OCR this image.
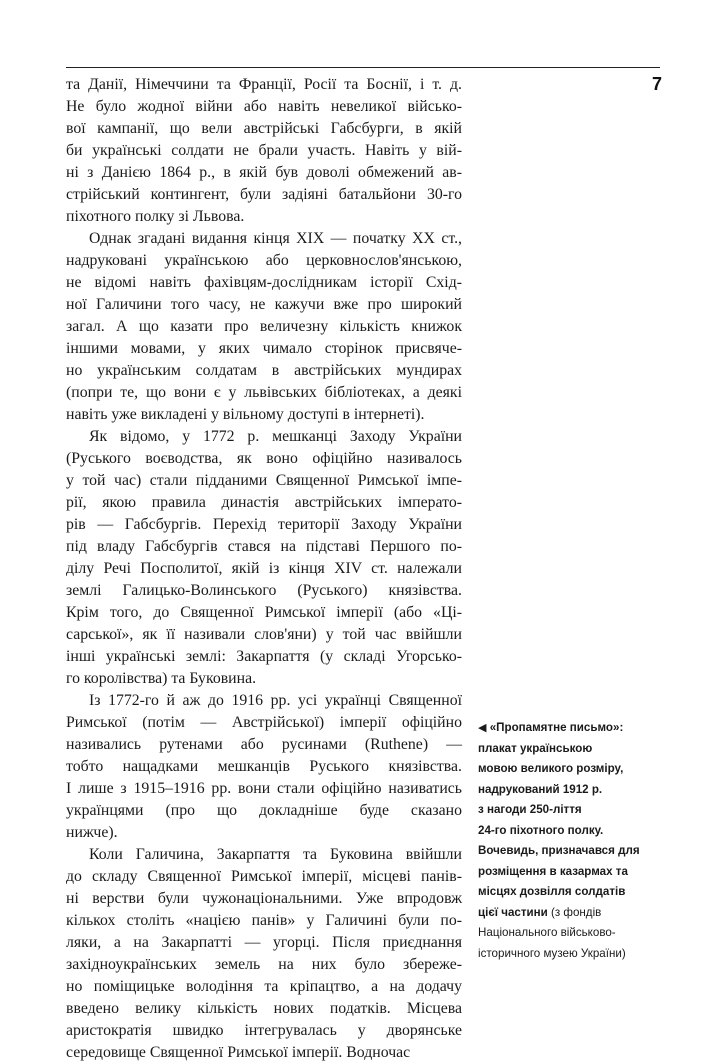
7

та Данії, Німеччини та Франції, Росії та Боснії, і т. д.

Не було жодної війни або навіть невеликої військо-

вої кампанії, що вели австрійські Габсбурги, в якій

би українські солдати не брали участь. Навіть у вій-

ні з Данією 1864 р., в якій був доволі обмежений ав-

стрійський контингент, були задіяні батальйони 30-го

піхотного полку зі Львова.

Однак згадані видання кінця XIX — початку XX ст.,

надруковані українською або церковнослов'янською,

не відомі навіть фахівцям-дослідникам історії Схід-

ної Галичини того часу, не кажучи вже про широкий

загал. А що казати про величезну кількість книжок

іншими мовами, у яких чимало сторінок присвяче-

но українським солдатам в австрійських мундирах

(попри те, що вони є у львівських бібліотеках, а деякі

навіть уже викладені у вільному доступі в інтернеті).

Як відомо, у 1772 р. мешканці Заходу України

(Руського воєводства, як воно офіційно називалось

у той час) стали підданими Священної Римської імпе-

рії, якою правила династія австрійських імперато-

рів — Габсбургів. Перехід території Заходу України

під владу Габсбургів стався на підставі Першого по-

ділу Речі Посполитої, якій із кінця XIV ст. належали

землі Галицько-Волинського (Руського) князівства.

Крім того, до Священної Римської імперії (або «Ці-

сарської», як її називали слов'яни) у той час ввійшли

інші українські землі: Закарпаття (у складі Угорсько-

го королівства) та Буковина.

Із 1772-го й аж до 1916 рр. усі українці Священної

Римської (потім — Австрійської) імперії офіційно

називались рутенами або русинами (Ruthene) —

тобто нащадками мешканців Руського князівства.

І лише з 1915–1916 рр. вони стали офіційно називатись

українцями (про що докладніше буде сказано

нижче).

Коли Галичина, Закарпаття та Буковина ввійшли

до складу Священної Римської імперії, місцеві панів-

ні верстви були чужонаціональними. Уже впродовж

кількох століть «нацією панів» у Галичині були по-

ляки, а на Закарпатті — угорці. Після приєднання

західноукраїнських земель на них було збереже-

но поміщицьке володіння та кріпацтво, а на додачу

введено велику кількість нових податків. Місцева

аристократія швидко інтегрувалась у дворянське

середовище Священної Римської імперії. Водночас

◀ «Пропамятне письмо»:
плакат українською
мовою великого розміру,
надрукований 1912 р.
з нагоди 250-ліття
24-го піхотного полку.
Вочевидь, призначався для
розміщення в казармах та
місцях дозвілля солдатів
цієї частини (з фондів
Національного військово-
історичного музею України)
